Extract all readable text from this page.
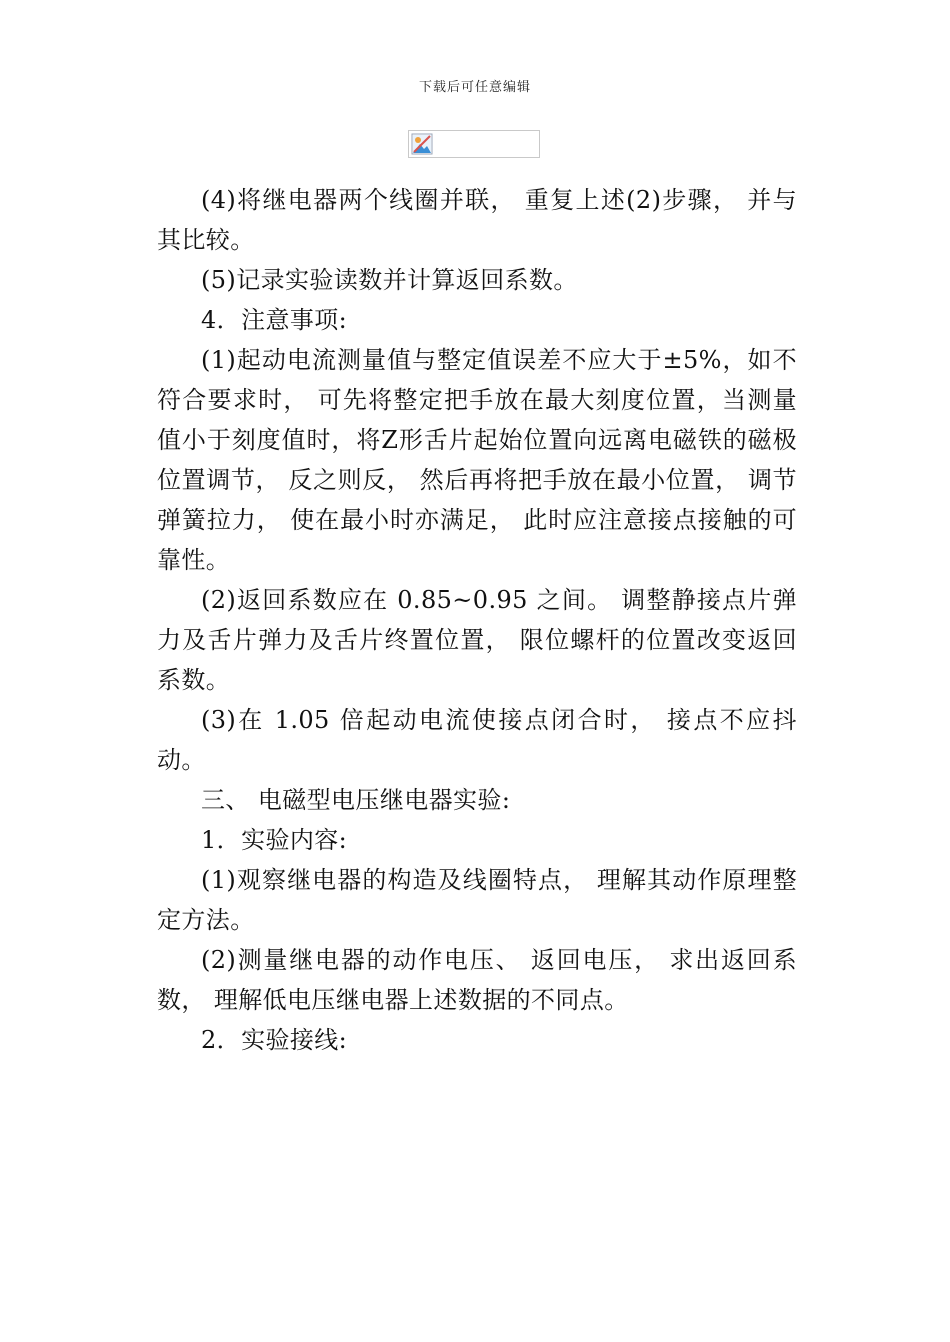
下载后可任意编辑

(4)将继电器两个线圈并联， 重复上述(2)步骤， 并与其比较。

(5)记录实验读数并计算返回系数。

4．注意事项:

(1)起动电流测量值与整定值误差不应大于±5%，如不符合要求时， 可先将整定把手放在最大刻度位置，当测量值小于刻度值时，将Z形舌片起始位置向远离电磁铁的磁极位置调节， 反之则反， 然后再将把手放在最小位置， 调节弹簧拉力， 使在最小时亦满足， 此时应注意接点接触的可靠性。

(2)返回系数应在 0.85~0.95 之间。 调整静接点片弹力及舌片弹力及舌片终置位置， 限位螺杆的位置改变返回系数。

(3)在 1.05 倍起动电流使接点闭合时， 接点不应抖动。

三、 电磁型电压继电器实验:

1．实验内容:

(1)观察继电器的构造及线圈特点， 理解其动作原理整定方法。

(2)测量继电器的动作电压、 返回电压， 求出返回系数， 理解低电压继电器上述数据的不同点。

2．实验接线:
